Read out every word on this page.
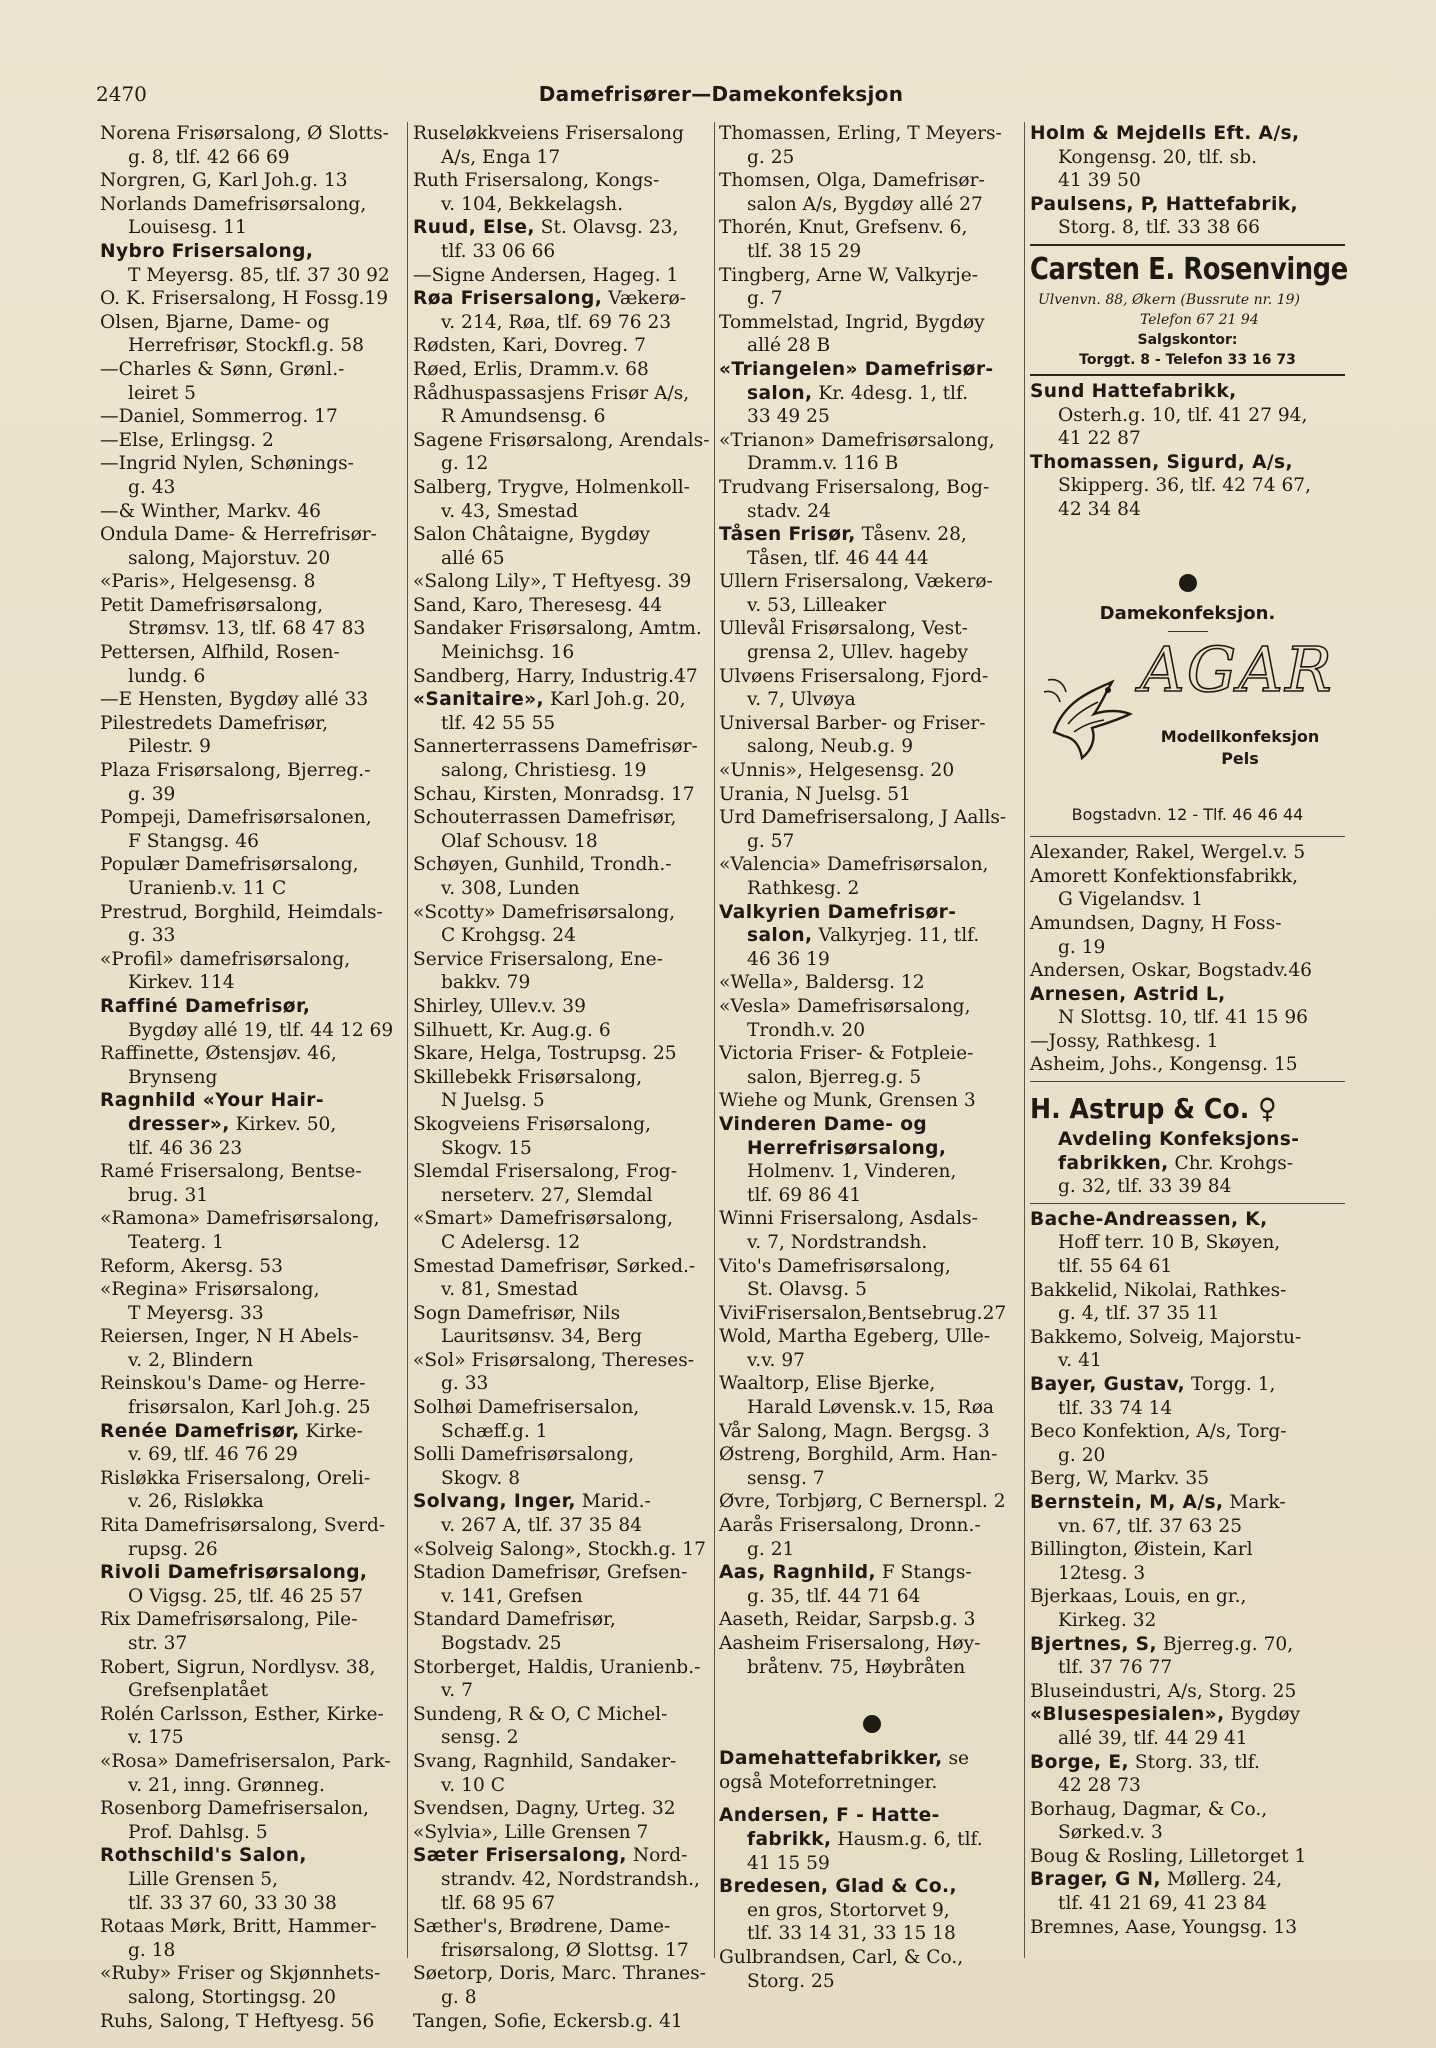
2470	Damefrisører—Damekonfeksjon
Norena Frisørsalong, Ø Slotts-
g. 8, tlf. 42 66 69
Norgren, G, Karl Joh.g. 13
Norlands Damefrisørsalong,
Louisesg. 11
Nybro Frisersalong,
T Meyersg. 85, tlf. 37 30 92
O. K. Frisersalong, H Fossg.19
Olsen, Bjarne, Dame- og
Herrefrisør, Stockfl.g. 58
—Charles & Sønn, Grønl.-
leiret 5
—Daniel, Sommerrog. 17
—Else, Erlingsg. 2
—Ingrid Nylen, Schønings-
g. 43
—& Winther, Markv. 46
Ondula Dame- & Herrefrisør-
salong, Majorstuv. 20
«Paris», Helgesensg. 8
Petit Damefrisørsalong,
Strømsv. 13, tlf. 68 47 83
Pettersen, Alfhild, Rosen-
lundg. 6
—E Hensten, Bygdøy allé 33
Pilestredets Damefrisør,
Pilestr. 9
Plaza Frisørsalong, Bjerreg.-
g. 39
Pompeji, Damefrisørsalonen,
F Stangsg. 46
Populær Damefrisørsalong,
Uranienb.v. 11 C
Prestrud, Borghild, Heimdals-
g. 33
«Profil» damefrisørsalong,
Kirkev. 114
Raffiné Damefrisør,
Bygdøy allé 19, tlf. 44 12 69
Raffinette, Østensjøv. 46,
Brynseng
Ragnhild «Your Hair-
dresser», Kirkev. 50,
tlf. 46 36 23
Ramé Frisersalong, Bentse-
brug. 31
«Ramona» Damefrisørsalong,
Teaterg. 1
Reform, Akersg. 53
«Regina» Frisørsalong,
T Meyersg. 33
Reiersen, Inger, N H Abels-
v. 2, Blindern
Reinskou's Dame- og Herre-
frisørsalon, Karl Joh.g. 25
Renée Damefrisør, Kirke-
v. 69, tlf. 46 76 29
Risløkka Frisersalong, Oreli-
v. 26, Risløkka
Rita Damefrisørsalong, Sverd-
rupsg. 26
Rivoli Damefrisørsalong,
O Vigsg. 25, tlf. 46 25 57
Rix Damefrisørsalong, Pile-
str. 37
Robert, Sigrun, Nordlysv. 38,
Grefsenplatået
Rolén Carlsson, Esther, Kirke-
v. 175
«Rosa» Damefrisersalon, Park-
v. 21, inng. Grønneg.
Rosenborg Damefrisersalon,
Prof. Dahlsg. 5
Rothschild's Salon,
Lille Grensen 5,
tlf. 33 37 60, 33 30 38
Rotaas Mørk, Britt, Hammer-
g. 18
«Ruby» Friser og Skjønnhets-
salong, Stortingsg. 20
Ruhs, Salong, T Heftyesg. 56
Ruseløkkveiens Frisersalong
A/s, Enga 17
Ruth Frisersalong, Kongs-
v. 104, Bekkelagsh.
Ruud, Else, St. Olavsg. 23,
tlf. 33 06 66
—Signe Andersen, Hageg. 1
Røa Frisersalong, Vækerø-
v. 214, Røa, tlf. 69 76 23
Rødsten, Kari, Dovreg. 7
Røed, Erlis, Dramm.v. 68
Rådhuspassasjens Frisør A/s,
R Amundsensg. 6
Sagene Frisørsalong, Arendals-
g. 12
Salberg, Trygve, Holmenkoll-
v. 43, Smestad
Salon Châtaigne, Bygdøy
allé 65
«Salong Lily», T Heftyesg. 39
Sand, Karo, Theresesg. 44
Sandaker Frisørsalong, Amtm.
Meinichsg. 16
Sandberg, Harry, Industrig.47
«Sanitaire», Karl Joh.g. 20,
tlf. 42 55 55
Sannerterrassens Damefrisør-
salong, Christiesg. 19
Schau, Kirsten, Monradsg. 17
Schouterrassen Damefrisør,
Olaf Schousv. 18
Schøyen, Gunhild, Trondh.-
v. 308, Lunden
«Scotty» Damefrisørsalong,
C Krohgsg. 24
Service Frisersalong, Ene-
bakkv. 79
Shirley, Ullev.v. 39
Silhuett, Kr. Aug.g. 6
Skare, Helga, Tostrupsg. 25
Skillebekk Frisørsalong,
N Juelsg. 5
Skogveiens Frisørsalong,
Skogv. 15
Slemdal Frisersalong, Frog-
nerseterv. 27, Slemdal
«Smart» Damefrisørsalong,
C Adelersg. 12
Smestad Damefrisør, Sørked.-
v. 81, Smestad
Sogn Damefrisør, Nils
Lauritsønsv. 34, Berg
«Sol» Frisørsalong, Thereses-
g. 33
Solhøi Damefrisersalon,
Schæff.g. 1
Solli Damefrisørsalong,
Skogv. 8
Solvang, Inger, Marid.-
v. 267 A, tlf. 37 35 84
«Solveig Salong», Stockh.g. 17
Stadion Damefrisør, Grefsen-
v. 141, Grefsen
Standard Damefrisør,
Bogstadv. 25
Storberget, Haldis, Uranienb.-
v. 7
Sundeng, R & O, C Michel-
sensg. 2
Svang, Ragnhild, Sandaker-
v. 10 C
Svendsen, Dagny, Urteg. 32
«Sylvia», Lille Grensen 7
Sæter Frisersalong, Nord-
strandv. 42, Nordstrandsh.,
tlf. 68 95 67
Sæther's, Brødrene, Dame-
frisørsalong, Ø Slottsg. 17
Søetorp, Doris, Marc. Thranes-
g. 8
Tangen, Sofie, Eckersb.g. 41
Thomassen, Erling, T Meyers-
g. 25
Thomsen, Olga, Damefrisør-
salon A/s, Bygdøy allé 27
Thorén, Knut, Grefsenv. 6,
tlf. 38 15 29
Tingberg, Arne W, Valkyrje-
g. 7
Tommelstad, Ingrid, Bygdøy
allé 28 B
«Triangelen» Damefrisør-
salon, Kr. 4desg. 1, tlf.
33 49 25
«Trianon» Damefrisørsalong,
Dramm.v. 116 B
Trudvang Frisersalong, Bog-
stadv. 24
Tåsen Frisør, Tåsenv. 28,
Tåsen, tlf. 46 44 44
Ullern Frisersalong, Vækerø-
v. 53, Lilleaker
Ullevål Frisørsalong, Vest-
grensa 2, Ullev. hageby
Ulvøens Frisersalong, Fjord-
v. 7, Ulvøya
Universal Barber- og Friser-
salong, Neub.g. 9
«Unnis», Helgesensg. 20
Urania, N Juelsg. 51
Urd Damefrisersalong, J Aalls-
g. 57
«Valencia» Damefrisørsalon,
Rathkesg. 2
Valkyrien Damefrisør-
salon, Valkyrjeg. 11, tlf.
46 36 19
«Wella», Baldersg. 12
«Vesla» Damefrisørsalong,
Trondh.v. 20
Victoria Friser- & Fotpleie-
salon, Bjerreg.g. 5
Wiehe og Munk, Grensen 3
Vinderen Dame- og
Herrefrisørsalong,
Holmenv. 1, Vinderen,
tlf. 69 86 41
Winni Frisersalong, Asdals-
v. 7, Nordstrandsh.
Vito's Damefrisørsalong,
St. Olavsg. 5
ViviFrisersalon,Bentsebrug.27
Wold, Martha Egeberg, Ulle-
v.v. 97
Waaltorp, Elise Bjerke,
Harald Løvensk.v. 15, Røa
Vår Salong, Magn. Bergsg. 3
Østreng, Borghild, Arm. Han-
sensg. 7
Øvre, Torbjørg, C Bernerspl. 2
Aarås Frisersalong, Dronn.-
g. 21
Aas, Ragnhild, F Stangs-
g. 35, tlf. 44 71 64
Aaseth, Reidar, Sarpsb.g. 3
Aasheim Frisersalong, Høy-
bråtenv. 75, Høybråten
Damehattefabrikker, se
også Moteforretninger.
Andersen, F - Hatte-
fabrikk, Hausm.g. 6, tlf.
41 15 59
Bredesen, Glad & Co.,
en gros, Stortorvet 9,
tlf. 33 14 31, 33 15 18
Gulbrandsen, Carl, & Co.,
Storg. 25
Holm & Mejdells Eft. A/s,
Kongensg. 20, tlf. sb.
41 39 50
Paulsens, P, Hattefabrik,
Storg. 8, tlf. 33 38 66
Carsten E. Rosenvinge
Ulvenvn. 88, Økern (Bussrute nr. 19)
Telefon 67 21 94
Salgskontor:
Torggt. 8 - Telefon 33 16 73
Sund Hattefabrikk,
Osterh.g. 10, tlf. 41 27 94,
41 22 87
Thomassen, Sigurd, A/s,
Skipperg. 36, tlf. 42 74 67,
42 34 84
Damekonfeksjon.
AGAR
Modellkonfeksjon
Pels
Bogstadvn. 12 - Tlf. 46 46 44
Alexander, Rakel, Wergel.v. 5
Amorett Konfektionsfabrikk,
G Vigelandsv. 1
Amundsen, Dagny, H Foss-
g. 19
Andersen, Oskar, Bogstadv.46
Arnesen, Astrid L,
N Slottsg. 10, tlf. 41 15 96
—Jossy, Rathkesg. 1
Asheim, Johs., Kongensg. 15
H. Astrup & Co. ♀
Avdeling Konfeksjons-
fabrikken, Chr. Krohgs-
g. 32, tlf. 33 39 84
Bache-Andreassen, K,
Hoff terr. 10 B, Skøyen,
tlf. 55 64 61
Bakkelid, Nikolai, Rathkes-
g. 4, tlf. 37 35 11
Bakkemo, Solveig, Majorstu-
v. 41
Bayer, Gustav, Torgg. 1,
tlf. 33 74 14
Beco Konfektion, A/s, Torg-
g. 20
Berg, W, Markv. 35
Bernstein, M, A/s, Mark-
vn. 67, tlf. 37 63 25
Billington, Øistein, Karl
12tesg. 3
Bjerkaas, Louis, en gr.,
Kirkeg. 32
Bjertnes, S, Bjerreg.g. 70,
tlf. 37 76 77
Bluseindustri, A/s, Storg. 25
«Blusespesialen», Bygdøy
allé 39, tlf. 44 29 41
Borge, E, Storg. 33, tlf.
42 28 73
Borhaug, Dagmar, & Co.,
Sørked.v. 3
Boug & Rosling, Lilletorget 1
Brager, G N, Møllerg. 24,
tlf. 41 21 69, 41 23 84
Bremnes, Aase, Youngsg. 13
